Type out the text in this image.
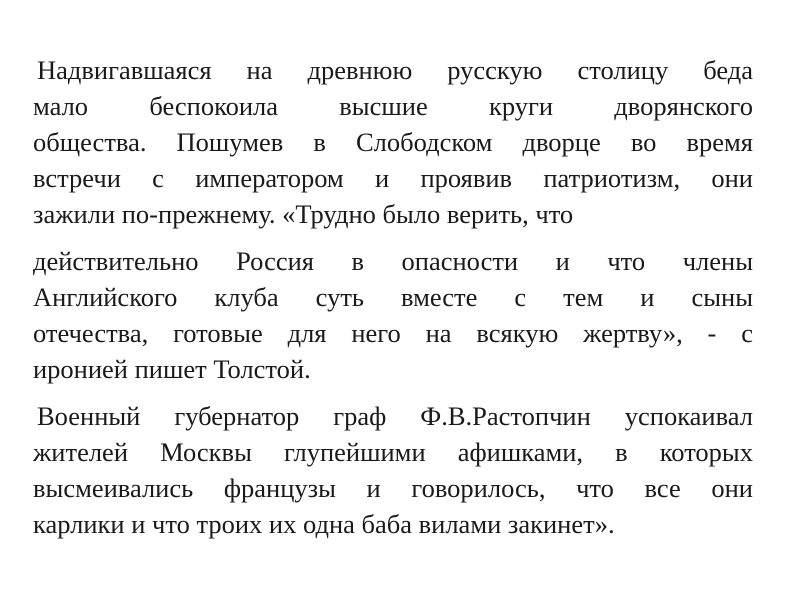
Надвигавшаяся на древнюю русскую столицу беда
мало беспокоила высшие круги дворянского
общества. Пошумев в Слободском дворце во время
встречи с императором и проявив патриотизм, они
зажили по-прежнему. «Трудно было верить, что
действительно Россия в опасности и что члены
Английского клуба суть вместе с тем и сыны
отечества, готовые для него на всякую жертву», - с
иронией пишет Толстой.
Военный губернатор граф Ф.В.Растопчин успокаивал
жителей Москвы глупейшими афишками, в которых
высмеивались французы и говорилось, что все они
карлики и что троих их одна баба вилами закинет».
